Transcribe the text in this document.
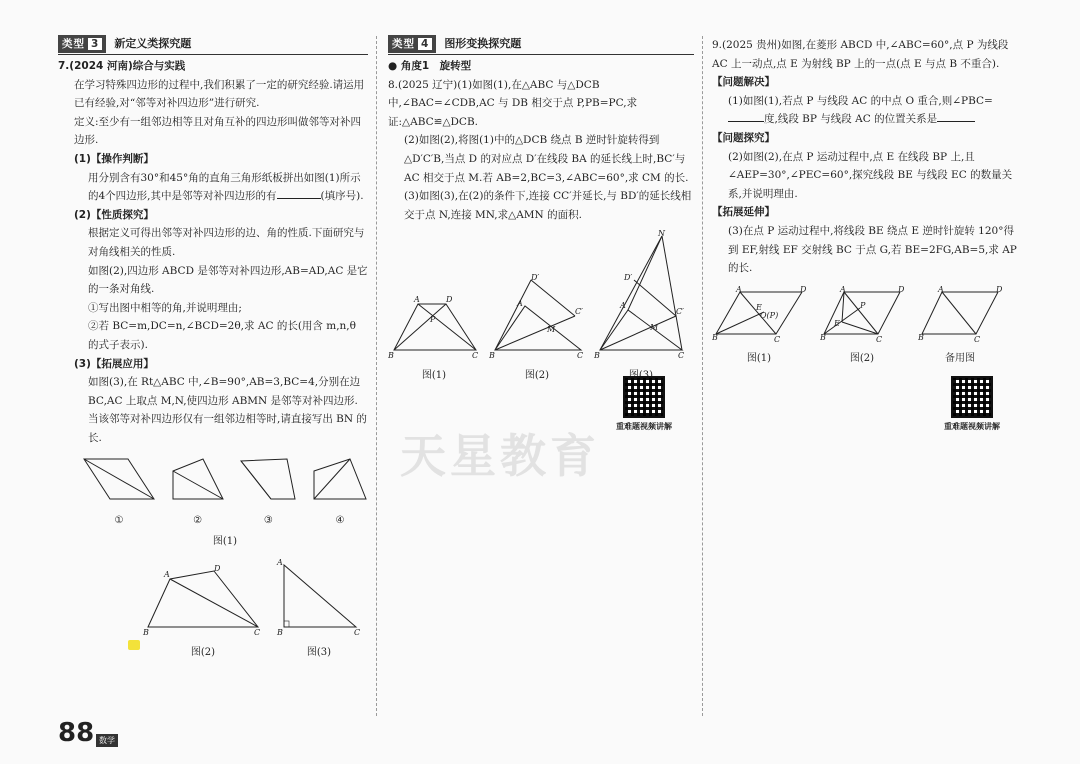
类型 3	新定义类探究题

7.(2024 河南)综合与实践

在学习特殊四边形的过程中,我们积累了一定的研究经验.请运用已有经验,对“邻等对补四边形”进行研究.

定义:至少有一组邻边相等且对角互补的四边形叫做邻等对补四边形.

(1)【操作判断】

用分别含有30°和45°角的直角三角形纸板拼出如图(1)所示的4个四边形,其中是邻等对补四边形的有	(填序号).

(2)【性质探究】

根据定义可得出邻等对补四边形的边、角的性质.下面研究与对角线相关的性质.

如图(2),四边形 ABCD 是邻等对补四边形,AB=AD,AC 是它的一条对角线.

①写出图中相等的角,并说明理由;

②若 BC=m,DC=n,∠BCD=2θ,求 AC 的长(用含 m,n,θ 的式子表示).

(3)【拓展应用】

如图(3),在 Rt△ABC 中,∠B=90°,AB=3,BC=4,分别在边 BC,AC 上取点 M,N,使四边形 ABMN 是邻等对补四边形.当该邻等对补四边形仅有一组邻边相等时,请直接写出 BN 的长.

①	②	③	④
图(1)
B
A
D
C
图(2)
A
B	C
图(3)
类型 4	图形变换探究题

● 角度1　旋转型

8.(2025 辽宁)(1)如图(1),在△ABC 与△DCB 中,∠BAC=∠CDB,AC 与 DB 相交于点 P,PB=PC,求证:△ABC≌△DCB.

(2)如图(2),将图(1)中的△DCB 绕点 B 逆时针旋转得到△D′C′B,当点 D 的对应点 D′在线段 BA 的延长线上时,BC′与 AC 相交于点 M.若 AB=2,BC=3,∠ABC=60°,求 CM 的长.

(3)如图(3),在(2)的条件下,连接 CC′并延长,与 BD′的延长线相交于点 N,连接 MN,求△AMN 的面积.

B
A	D
C
P
图(1)
B
A
D′
C′
M
C
图(2)
N
D′
A
C′
M
B	C
重难题视频讲解

9.(2025 贵州)如图,在菱形 ABCD 中,∠ABC=60°,点 P 为线段 AC 上一动点,点 E 为射线 BP 上的一点(点 E 与点 B 不重合).

【问题解决】

(1)如图(1),若点 P 与线段 AC 的中点 O 重合,则∠PBC=度,线段 BP 与线段 AC 的位置关系是

【问题探究】

(2)如图(2),在点 P 运动过程中,点 E 在线段 BP 上,且∠AEP=30°,∠PEC=60°,探究线段 BE 与线段 EC 的数量关系,并说明理由.

【拓展延伸】

(3)在点 P 运动过程中,将线段 BE 绕点 E 逆时针旋转 120°得到 EF,射线 EF 交射线 BC 于点 G,若 BE=2FG,AB=5,求 AP 的长.

A	D
B	C
E
O(P)
图(1)
A	D
B	C
P
E
图(2)
A	D
B	C
备用图
重难题视频讲解
天星教育
88 数学
